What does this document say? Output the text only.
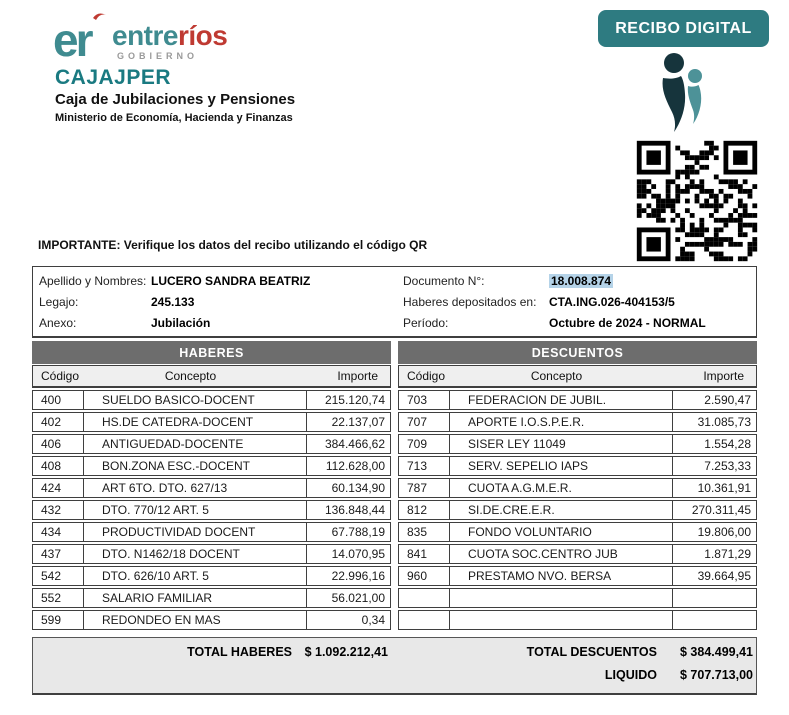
er entreríos
GOBIERNO
CAJAJPER
Caja de Jubilaciones y Pensiones
Ministerio de Economía, Hacienda y Finanzas
RECIBO DIGITAL
IMPORTANTE: Verifique los datos del recibo utilizando el código QR
Apellido y Nombres: LUCERO SANDRA BEATRIZ
Legajo:	245.133
Anexo:	Jubilación
Documento N°:	18.008.874
Haberes depositados en:	CTA.ING.026-404153/5
Período:	Octubre de 2024 - NORMAL
HABERES
Código	Concepto	Importe
400	SUELDO BASICO-DOCENT	215.120,74
402	HS.DE CATEDRA-DOCENT	22.137,07
406	ANTIGUEDAD-DOCENTE	384.466,62
408	BON.ZONA ESC.-DOCENT	112.628,00
424	ART 6TO. DTO. 627/13	60.134,90
432	DTO. 770/12 ART. 5	136.848,44
434	PRODUCTIVIDAD DOCENT	67.788,19
437	DTO. N1462/18 DOCENT	14.070,95
542	DTO. 626/10 ART. 5	22.996,16
552	SALARIO FAMILIAR	56.021,00
599	REDONDEO EN MAS	0,34
DESCUENTOS
Código	Concepto	Importe
703	FEDERACION DE JUBIL.	2.590,47
707	APORTE I.O.S.P.E.R.	31.085,73
709	SISER LEY 11049	1.554,28
713	SERV. SEPELIO IAPS	7.253,33
787	CUOTA A.G.M.E.R.	10.361,91
812	SI.DE.CRE.E.R.	270.311,45
835	FONDO VOLUNTARIO	19.806,00
841	CUOTA SOC.CENTRO JUB	1.871,29
960	PRESTAMO NVO. BERSA	39.664,95
TOTAL HABERES $ 1.092.212,41	TOTAL DESCUENTOS	$ 384.499,41
LIQUIDO	$ 707.713,00
